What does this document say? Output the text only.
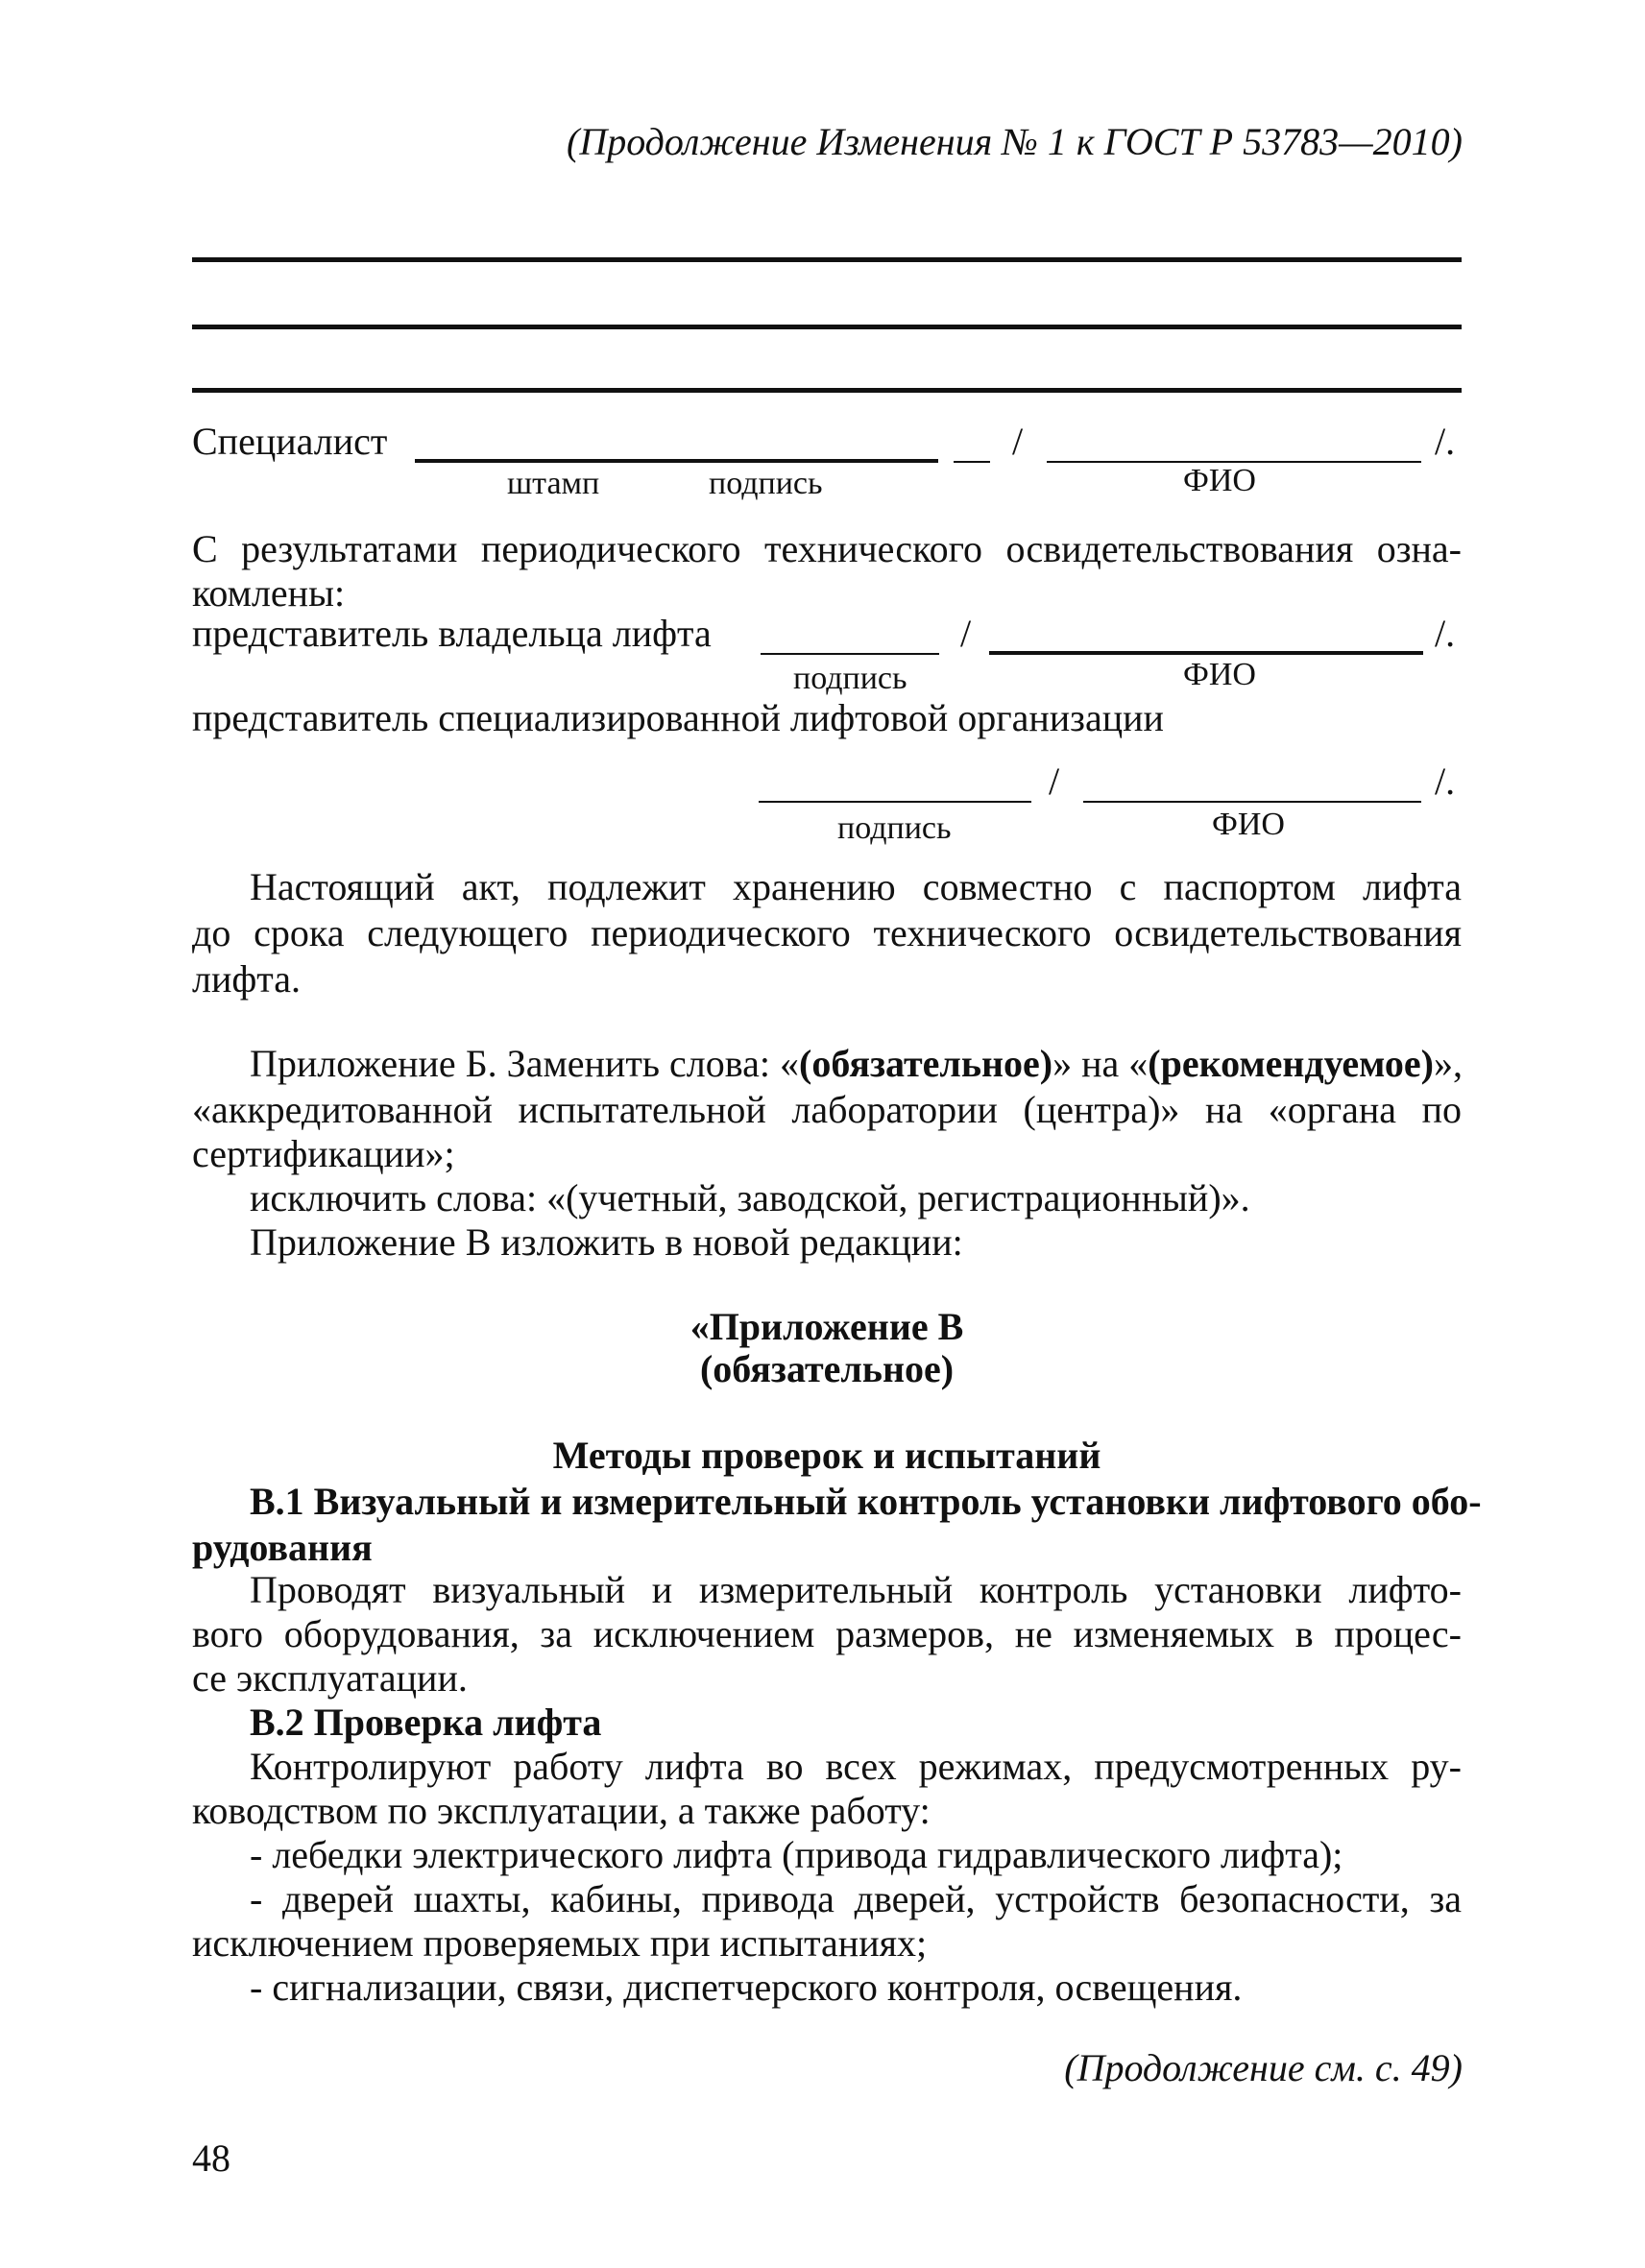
(Продолжение Изменения № 1 к ГОСТ Р 53783—2010)
Специалист	/	/.
штамп	подпись	ФИО
С результатами периодического технического освидетельствования озна-
комлены:
представитель владельца лифта	/	/.
подпись	ФИО
представитель специализированной лифтовой организации
/	/.
подпись	ФИО
Настоящий акт, подлежит хранению совместно с паспортом лифта
до срока следующего периодического технического освидетельствования
лифта.
Приложение Б. Заменить слова: « (обязательное) » на « (рекомендуемое) »,
«аккредитованной испытательной лаборатории (центра)» на «органа по
сертификации»;
исключить слова: «(учетный, заводской, регистрационный)».
Приложение В изложить в новой редакции:
«Приложение В
(обязательное)
Методы проверок и испытаний
В.1 Визуальный и измерительный контроль установки лифтового обо-
рудования
Проводят визуальный и измерительный контроль установки лифто-
вого оборудования, за исключением размеров, не изменяемых в процес-
се эксплуатации.
В.2 Проверка лифта
Контролируют работу лифта во всех режимах, предусмотренных ру-
ководством по эксплуатации, а также работу:
- лебедки электрического лифта (привода гидравлического лифта);
- дверей шахты, кабины, привода дверей, устройств безопасности, за
исключением проверяемых при испытаниях;
- сигнализации, связи, диспетчерского контроля, освещения.
(Продолжение см. с. 49)
48
